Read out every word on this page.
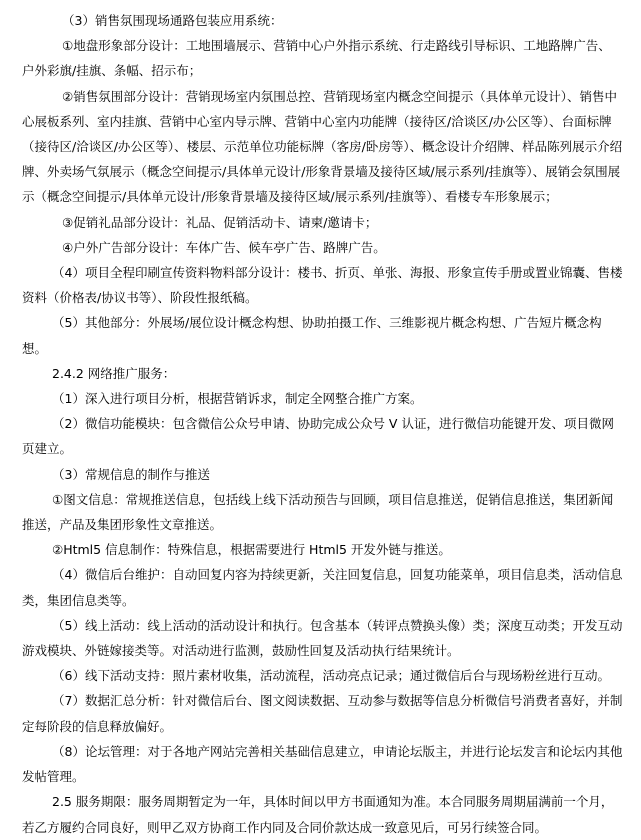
（3）销售氛围现场通路包装应用系统：

①地盘形象部分设计：工地围墙展示、营销中心户外指示系统、行走路线引导标识、工地路牌广告、户外彩旗/挂旗、条幅、招示布；

②销售氛围部分设计：营销现场室内氛围总控、营销现场室内概念空间提示（具体单元设计）、销售中心展板系列、室内挂旗、营销中心室内导示牌、营销中心室内功能牌（接待区/洽谈区/办公区等）、台面标牌（接待区/洽谈区/办公区等）、楼层、示范单位功能标牌（客房/卧房等）、概念设计介绍牌、样品陈列展示介绍牌、外卖场气氛展示（概念空间提示/具体单元设计/形象背景墙及接待区域/展示系列/挂旗等）、展销会氛围展示（概念空间提示/具体单元设计/形象背景墙及接待区域/展示系列/挂旗等）、看楼专车形象展示；

③促销礼品部分设计：礼品、促销活动卡、请柬/邀请卡；

④户外广告部分设计：车体广告、候车亭广告、路牌广告。

（4）项目全程印刷宣传资料物料部分设计：楼书、折页、单张、海报、形象宣传手册或置业锦囊、售楼资料（价格表/协议书等）、阶段性报纸稿。

（5）其他部分：外展场/展位设计概念构想、协助拍摄工作、三维影视片概念构想、广告短片概念构想。

2.4.2 网络推广服务：

（1）深入进行项目分析，根据营销诉求，制定全网整合推广方案。

（2）微信功能模块：包含微信公众号申请、协助完成公众号 V 认证，进行微信功能键开发、项目微网页建立。

（3）常规信息的制作与推送

①图文信息：常规推送信息，包括线上线下活动预告与回顾，项目信息推送，促销信息推送，集团新闻推送，产品及集团形象性文章推送。

②Html5 信息制作：特殊信息，根据需要进行 Html5 开发外链与推送。

（4）微信后台维护：自动回复内容为持续更新，关注回复信息，回复功能菜单，项目信息类，活动信息类，集团信息类等。

（5）线上活动：线上活动的活动设计和执行。包含基本（转评点赞换头像）类；深度互动类；开发互动游戏模块、外链嫁接类等。对活动进行监测，鼓励性回复及活动执行结果统计。

（6）线下活动支持：照片素材收集，活动流程，活动亮点记录；通过微信后台与现场粉丝进行互动。

（7）数据汇总分析：针对微信后台、图文阅读数据、互动参与数据等信息分析微信号消费者喜好，并制定每阶段的信息释放偏好。

（8）论坛管理：对于各地产网站完善相关基础信息建立，申请论坛版主，并进行论坛发言和论坛内其他发帖管理。

2.5 服务期限：服务周期暂定为一年，具体时间以甲方书面通知为准。本合同服务周期届满前一个月，若乙方履约合同良好，则甲乙双方协商工作内同及合同价款达成一致意见后，可另行续签合同。
